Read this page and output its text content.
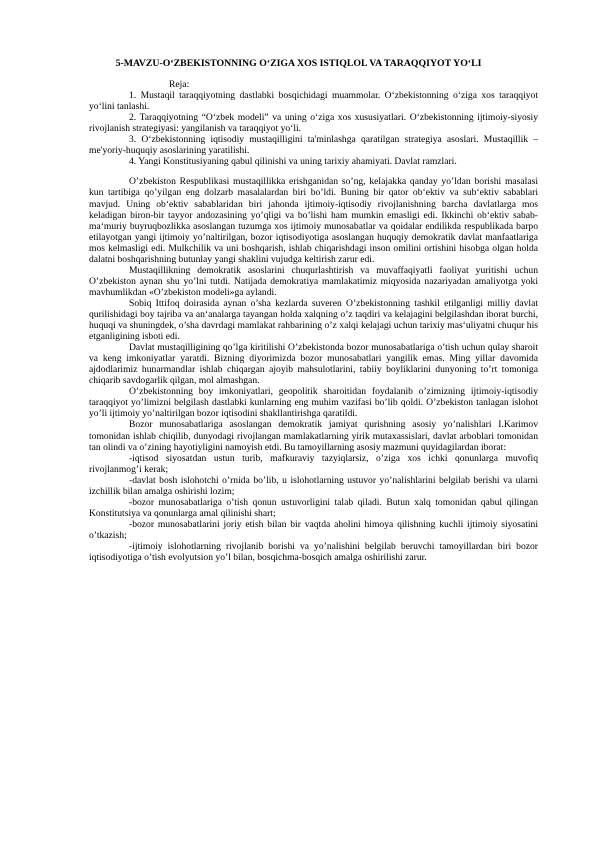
5-MAVZU-O‘ZBEKISTONNING O‘ZIGA XOS ISTIQLOL VA TARAQQIYOT YO‘LI

Reja:

1. Mustaqil taraqqiyotning dastlabki bosqichidagi muammolar. O‘zbekistonning o‘ziga xos taraqqiyot yo‘lini tanlashi.

2. Taraqqiyotning “O‘zbek modeli” va uning o‘ziga xos xususiyatlari. O‘zbekistonning ijtimoiy-siyosiy rivojlanish strategiyasi: yangilanish va taraqqiyot yo‘li.

3. O‘zbekistonning iqtisodiy mustaqilligini ta'minlashga qaratilgan strategiya asoslari. Mustaqillik – me'yoriy-huquqiy asoslarining yaratilishi.

4. Yangi Konstitusiyaning qabul qilinishi va uning tarixiy ahamiyati. Davlat ramzlari.

O’zbekiston Respublikasi mustaqillikka erishganidan so’ng, kelajakka qanday yo’ldan borishi masalasi kun tartibiga qo’yilgan eng dolzarb masalalardan biri bo’ldi. Buning bir qator ob‘ektiv va sub‘ektiv sabablari mavjud. Uning ob‘ektiv sabablaridan biri jahonda ijtimoiy-iqtisodiy rivojlanishning barcha davlatlarga mos keladigan biron-bir tayyor andozasining yo’qligi va bo’lishi ham mumkin emasligi edi. Ikkinchi ob‘ektiv sabab- ma‘muriy buyruqbozlikka asoslangan tuzumga xos ijtimoiy munosabatlar va qoidalar endilikda respublikada barpo etilayotgan yangi ijtimoiy yo’naltirilgan, bozor iqtisodiyotiga asoslangan huquqiy demokratik davlat manfaatlariga mos kelmasligi edi. Mulkchilik va uni boshqarish, ishlab chiqarishdagi inson omilini ortishini hisobga olgan holda dalatni boshqarishning butunlay yangi shaklini vujudga keltirish zarur edi.

Mustaqillikning demokratik asoslarini chuqurlashtirish va muvaffaqiyatli faoliyat yuritishi uchun O’zbekiston aynan shu yo’lni tutdi. Natijada demokratiya mamlakatimiz miqyosida nazariyadan amaliyotga yoki mavhumlikdan «O’zbekiston modeli»ga aylandi.

Sobiq Ittifoq doirasida aynan o’sha kezlarda suveren O’zbekistonning tashkil etilganligi milliy davlat qurilishidagi boy tajriba va an‘analarga tayangan holda xalqning o’z taqdiri va kelajagini belgilashdan iborat burchi, huquqi va shuningdek, o’sha davrdagi mamlakat rahbarining o’z xalqi kelajagi uchun tarixiy mas‘uliyatni chuqur his etganligining isboti edi.

Davlat mustaqilligining qo’lga kiritilishi O’zbekistonda bozor munosabatlariga o’tish uchun qulay sharoit va keng imkoniyatlar yaratdi. Bizning diyorimizda bozor munosabatlari yangilik emas. Ming yillar davomida ajdodlarimiz hunarmandlar ishlab chiqargan ajoyib mahsulotlarini, tabiiy boyliklarini dunyoning to’rt tomoniga chiqarib savdogarlik qilgan, mol almashgan.

O’zbekistonning boy imkoniyatlari, geopolitik sharoitidan foydalanib o’zimizning ijtimoiy-iqtisodiy taraqqiyot yo’limizni belgilash dastlabki kunlarning eng muhim vazifasi bo’lib qoldi. O’zbekiston tanlagan islohot yo’li ijtimoiy yo’naltirilgan bozor iqtisodini shakllantirishga qaratildi.

Bozor munosabatlariga asoslangan demokratik jamiyat qurishning asosiy yo’nalishlari I.Karimov tomonidan ishlab chiqilib, dunyodagi rivojlangan mamlakatlarning yirik mutaxassislari, davlat arboblari tomonidan tan olindi va o’zining hayotiyligini namoyish etdi. Bu tamoyillarning asosiy mazmuni quyidagilardan iborat:

-iqtisod siyosatdan ustun turib, mafkuraviy tazyiqlarsiz, o’ziga xos ichki qonunlarga muvofiq rivojlanmog’i kerak;

-davlat bosh islohotchi o’rnida bo’lib, u islohotlarning ustuvor yo’nalishlarini belgilab berishi va ularni izchillik bilan amalga oshirishi lozim;

-bozor munosabatlariga o’tish qonun ustuvorligini talab qiladi. Butun xalq tomonidan qabul qilingan Konstitutsiya va qonunlarga amal qilinishi shart;

-bozor munosabatlarini joriy etish bilan bir vaqtda aholini himoya qilishning kuchli ijtimoiy siyosatini o’tkazish;

-ijtimoiy islohotlarning rivojlanib borishi va yo’nalishini belgilab beruvchi tamoyillardan biri bozor iqtisodiyotiga o’tish evolyutsion yo’l bilan, bosqichma-bosqich amalga oshirilishi zarur.
